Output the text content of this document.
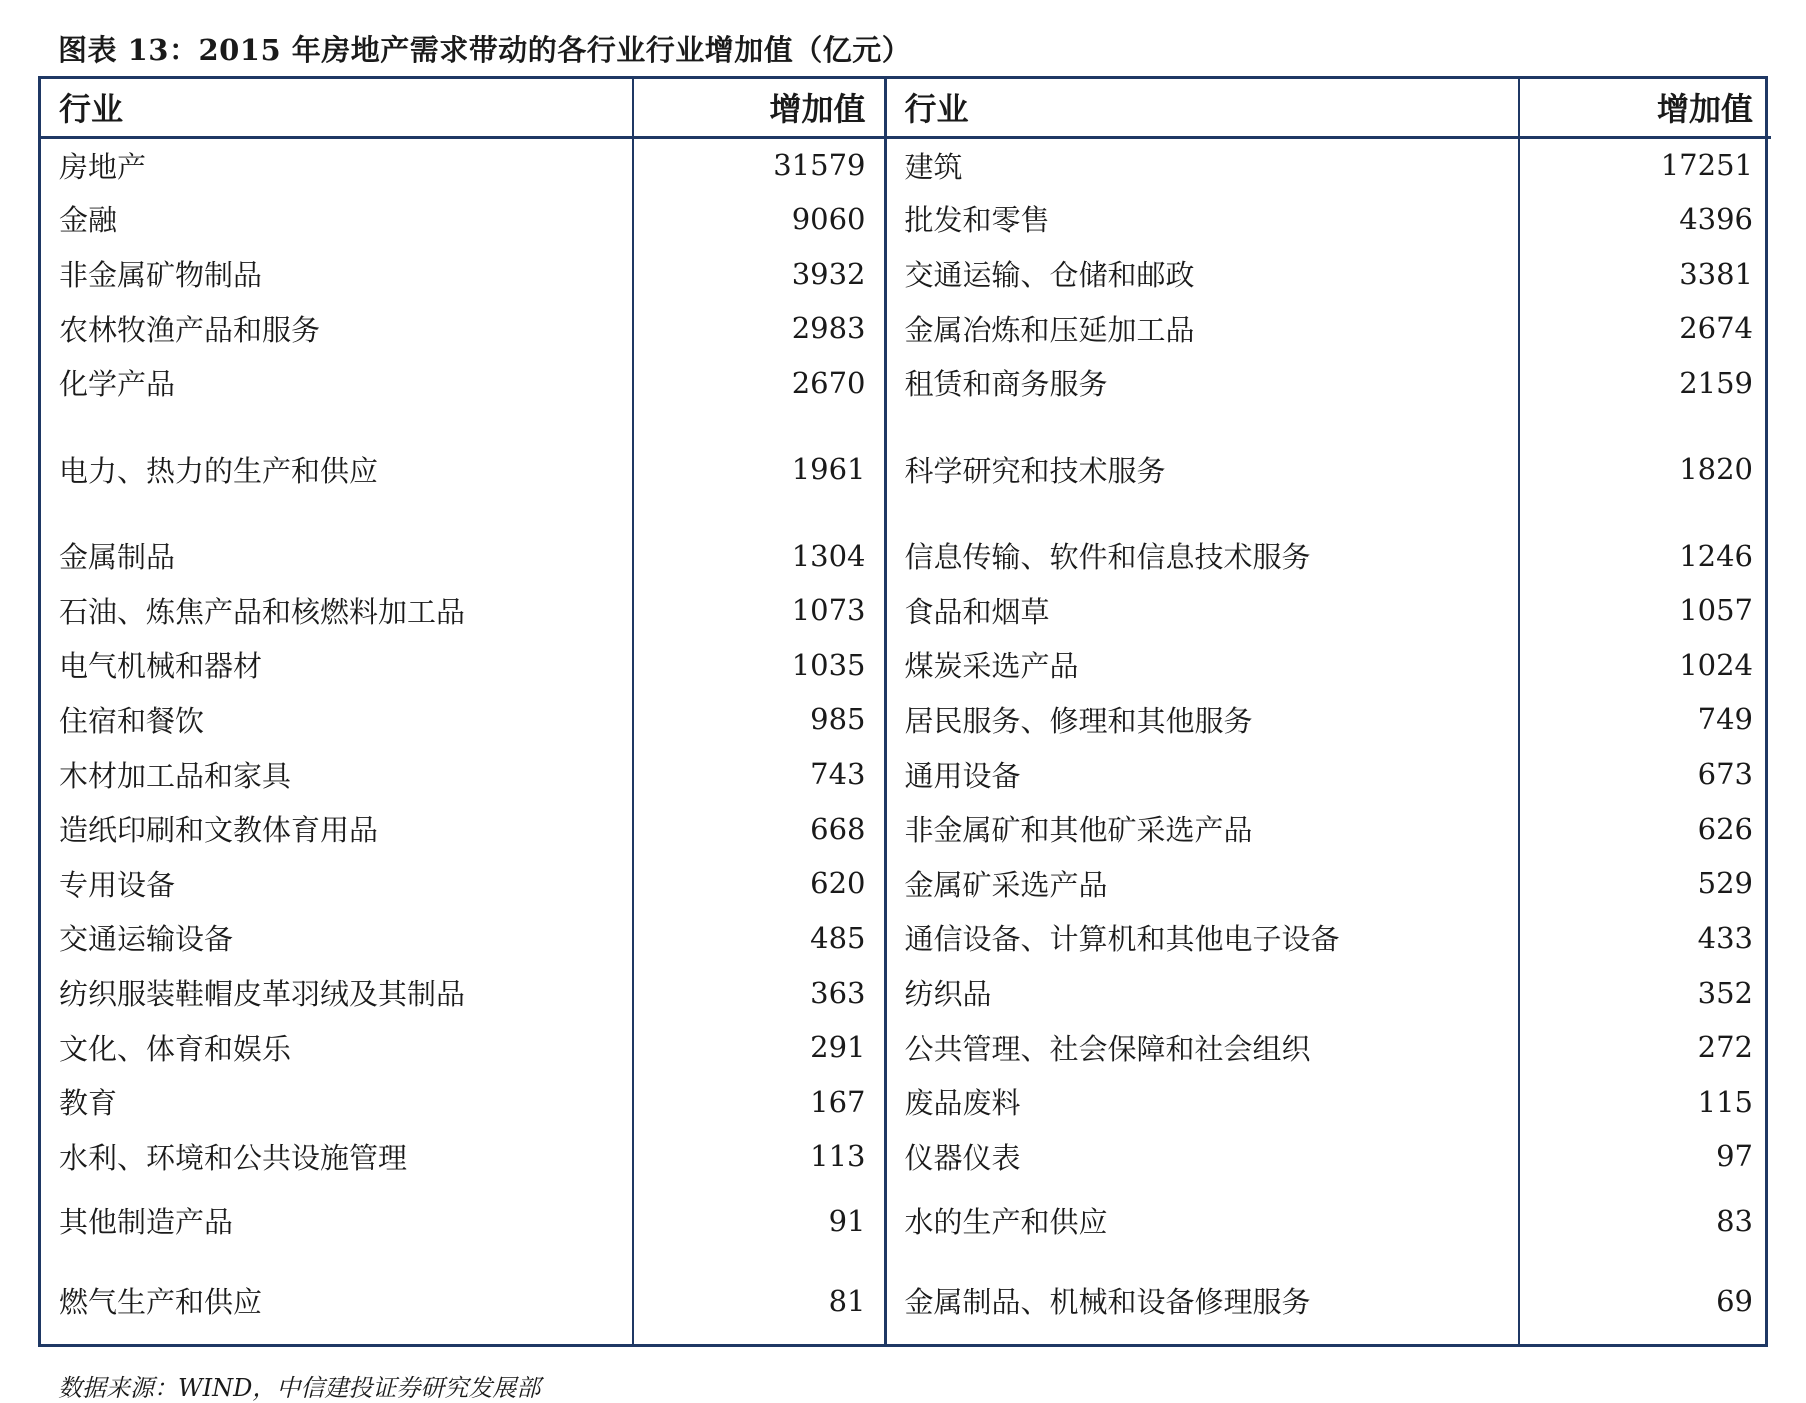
图表 13：2015 年房地产需求带动的各行业行业增加值（亿元）
行业	增加值	行业	增加值
房地产	31579	建筑	17251
金融	9060	批发和零售	4396
非金属矿物制品	3932	交通运输、仓储和邮政	3381
农林牧渔产品和服务	2983	金属冶炼和压延加工品	2674
化学产品	2670	租赁和商务服务	2159
电力、热力的生产和供应	1961	科学研究和技术服务	1820
金属制品	1304	信息传输、软件和信息技术服务	1246
石油、炼焦产品和核燃料加工品	1073	食品和烟草	1057
电气机械和器材	1035	煤炭采选产品	1024
住宿和餐饮	985	居民服务、修理和其他服务	749
木材加工品和家具	743	通用设备	673
造纸印刷和文教体育用品	668	非金属矿和其他矿采选产品	626
专用设备	620	金属矿采选产品	529
交通运输设备	485	通信设备、计算机和其他电子设备	433
纺织服装鞋帽皮革羽绒及其制品	363	纺织品	352
文化、体育和娱乐	291	公共管理、社会保障和社会组织	272
教育	167	废品废料	115
水利、环境和公共设施管理	113	仪器仪表	97
其他制造产品	91	水的生产和供应	83
燃气生产和供应	81	金属制品、机械和设备修理服务	69
数据来源：WIND，中信建投证券研究发展部
